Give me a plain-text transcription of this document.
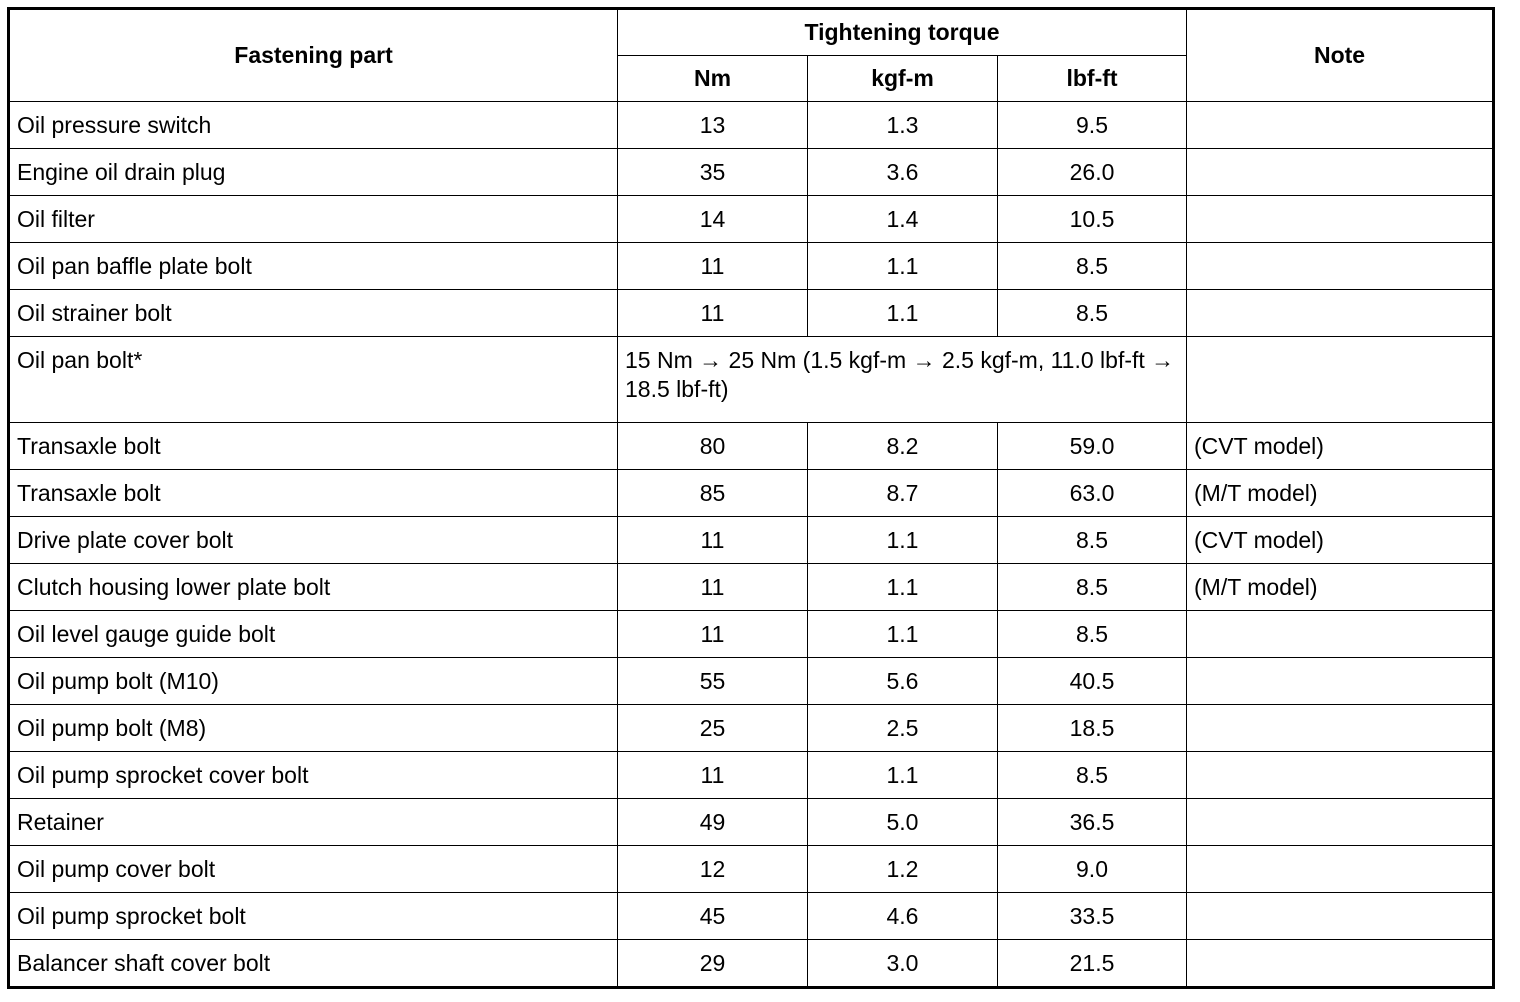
Fastening part	Tightening torque			Note
	Nm	kgf-m	lbf-ft	
Oil pressure switch	13	1.3	9.5	
Engine oil drain plug	35	3.6	26.0	
Oil filter	14	1.4	10.5	
Oil pan baffle plate bolt	11	1.1	8.5	
Oil strainer bolt	11	1.1	8.5	
Oil pan bolt*	15 Nm → 25 Nm (1.5 kgf-m → 2.5 kgf-m, 11.0 lbf-ft → 18.5 lbf-ft)			
Transaxle bolt	80	8.2	59.0	(CVT model)
Transaxle bolt	85	8.7	63.0	(M/T model)
Drive plate cover bolt	11	1.1	8.5	(CVT model)
Clutch housing lower plate bolt	11	1.1	8.5	(M/T model)
Oil level gauge guide bolt	11	1.1	8.5	
Oil pump bolt (M10)	55	5.6	40.5	
Oil pump bolt (M8)	25	2.5	18.5	
Oil pump sprocket cover bolt	11	1.1	8.5	
Retainer	49	5.0	36.5	
Oil pump cover bolt	12	1.2	9.0	
Oil pump sprocket bolt	45	4.6	33.5	
Balancer shaft cover bolt	29	3.0	21.5	
